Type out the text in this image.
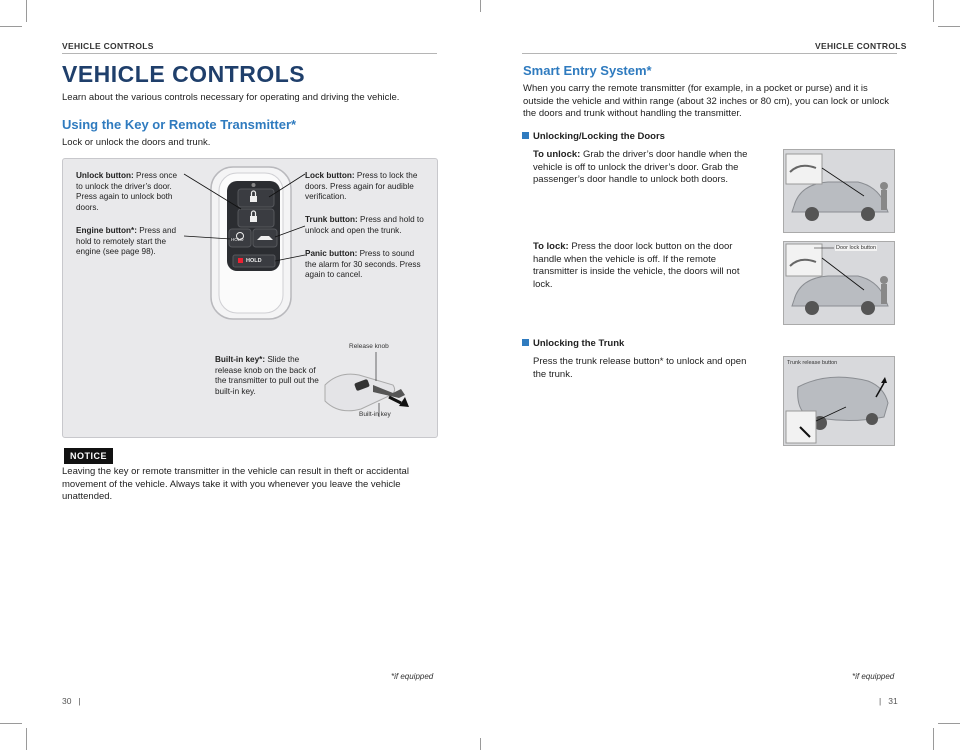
VEHICLE CONTROLS
VEHICLE CONTROLS
Learn about the various controls necessary for operating and driving the vehicle.
Using the Key or Remote Transmitter*
Lock or unlock the doors and trunk.
Unlock button: Press once to unlock the driver’s door. Press again to unlock both doors.
Engine button*: Press and hold to remotely start the engine (see page 98).
Lock button: Press to lock the doors. Press again for audible verification.
Trunk button: Press and hold to unlock and open the trunk.
Panic button: Press to sound the alarm for 30 seconds. Press again to cancel.
Built-in key*: Slide the release knob on the back of the transmitter to pull out the built-in key.
Release knob
Built-in key
HOLD
HOLD
NOTICE
Leaving the key or remote transmitter in the vehicle can result in theft or accidental movement of the vehicle. Always take it with you whenever you leave the vehicle unattended.
*if equipped
30   |
VEHICLE CONTROLS
Smart Entry System*
When you carry the remote transmitter (for example, in a pocket or purse) and it is outside the vehicle and within range (about 32 inches or 80 cm), you can lock or unlock the doors and trunk without handling the transmitter.
Unlocking/Locking the Doors
To unlock: Grab the driver’s door handle when the vehicle is off to unlock the driver’s door. Grab the passenger’s door handle to unlock both doors.
To lock: Press the door lock button on the door handle when the vehicle is off. If the remote transmitter is inside the vehicle, the doors will not lock.
Door lock button
Unlocking the Trunk
Press the trunk release button* to unlock and open the trunk.
Trunk release button
*if equipped
|   31
